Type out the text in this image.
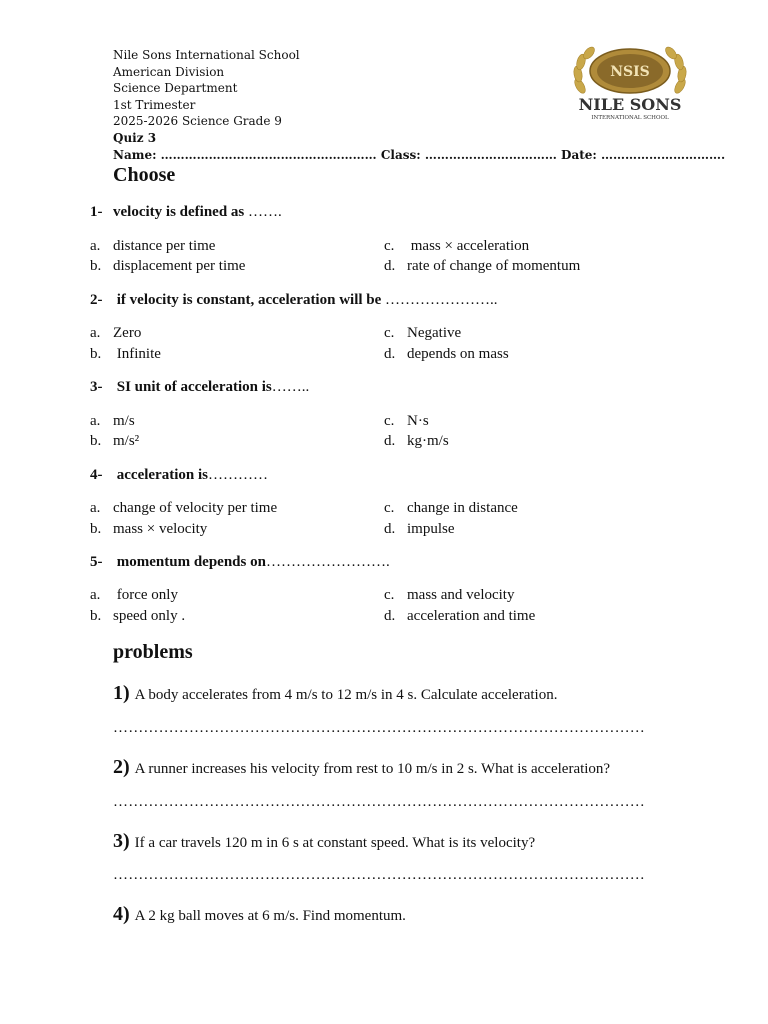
Nile Sons International School
American Division
Science Department
1st Trimester
2025-2026 Science Grade 9
Quiz 3
Name: ……………………………………………… Class: …………………………… Date: ………………………….
NSIS
NILE SONS
INTERNATIONAL SCHOOL
Choose
1- velocity is defined as …….
a. distance per time
b. displacement per time
c. mass × acceleration
d. rate of change of momentum
2- if velocity is constant, acceleration will be …………………..
a. Zero
b. Infinite
c. Negative
d. depends on mass
3- SI unit of acceleration is……..
a. m/s
b. m/s²
c. N·s
d. kg·m/s
4- acceleration is…………
a. change of velocity per time
b. mass × velocity
c. change in distance
d. impulse
5- momentum depends on…………………….
a. force only
b. speed only .
c. mass and velocity
d. acceleration and time
problems
1) A body accelerates from 4 m/s to 12 m/s in 4 s. Calculate acceleration.
……………………………………………………………………………………………
2) A runner increases his velocity from rest to 10 m/s in 2 s. What is acceleration?
……………………………………………………………………………………………
3) If a car travels 120 m in 6 s at constant speed. What is its velocity?
……………………………………………………………………………………………
4) A 2 kg ball moves at 6 m/s. Find momentum.
